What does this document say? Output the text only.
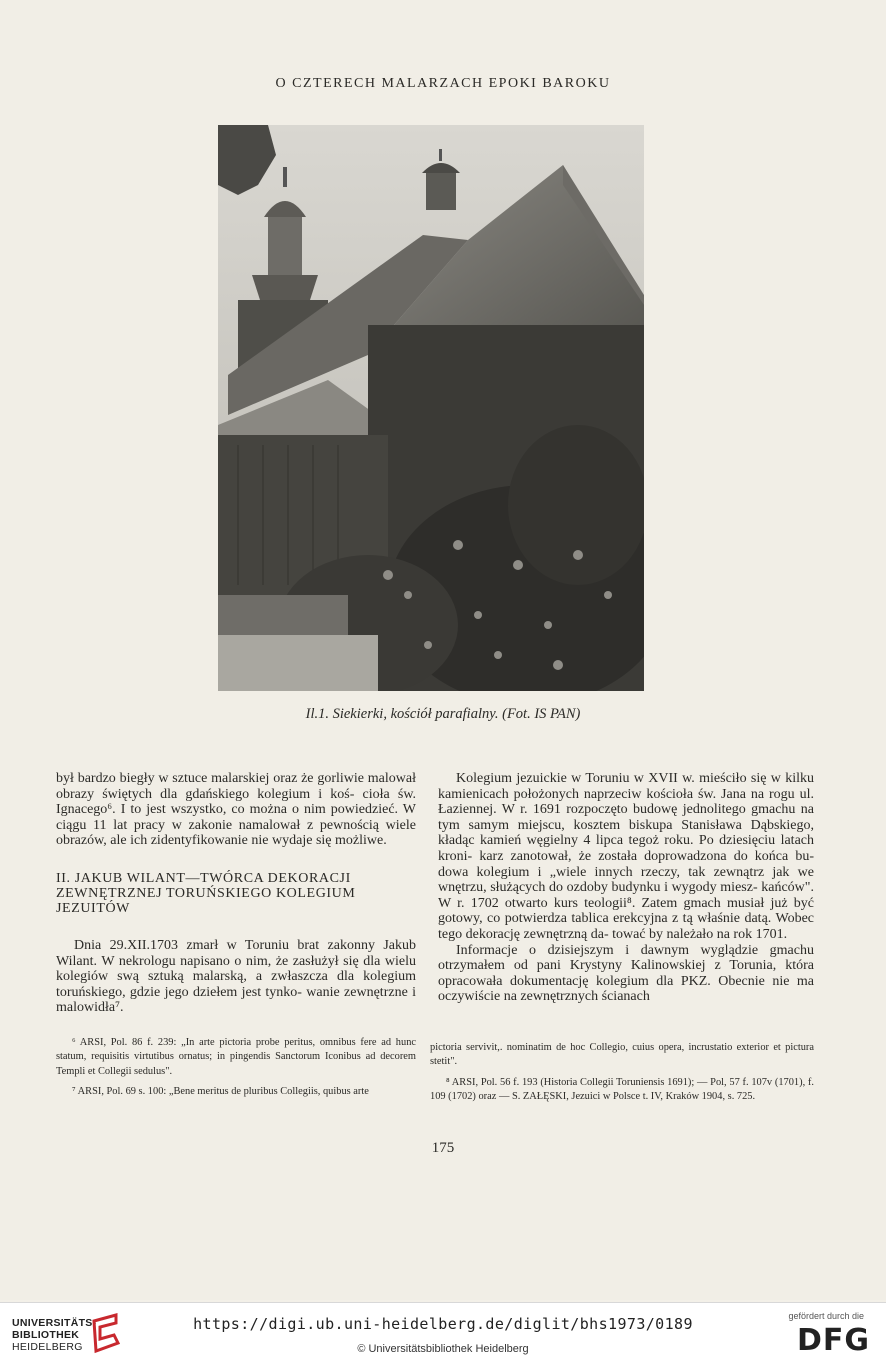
O CZTERECH MALARZACH EPOKI BAROKU
Il.1. Siekierki, kościół parafialny. (Fot. IS PAN)

był bardzo biegły w sztuce malarskiej oraz że gorliwie malował obrazy świętych dla gdańskiego kolegium i koś- cioła św. Ignacego⁶. I to jest wszystko, co można o nim powiedzieć. W ciągu 11 lat pracy w zakonie namalował z pewnością wiele obrazów, ale ich zidentyfikowanie nie wydaje się możliwe.

II. JAKUB WILANT—TWÓRCA DEKORACJI
ZEWNĘTRZNEJ TORUŃSKIEGO KOLEGIUM
JEZUITÓW

Dnia 29.XII.1703 zmarł w Toruniu brat zakonny Jakub Wilant. W nekrologu napisano o nim, że zasłużył się dla wielu kolegiów swą sztuką malarską, a zwłaszcza dla kolegium toruńskiego, gdzie jego dziełem jest tynko- wanie zewnętrzne i malowidła⁷.

Kolegium jezuickie w Toruniu w XVII w. mieściło się w kilku kamienicach położonych naprzeciw kościoła św. Jana na rogu ul. Łaziennej. W r. 1691 rozpoczęto budowę jednolitego gmachu na tym samym miejscu, kosztem biskupa Stanisława Dąbskiego, kładąc kamień węgielny 4 lipca tegoż roku. Po dziesięciu latach kroni- karz zanotował, że została doprowadzona do końca bu- dowa kolegium i „wiele innych rzeczy, tak zewnątrz jak we wnętrzu, służących do ozdoby budynku i wygody miesz- kańców". W r. 1702 otwarto kurs teologii⁸. Zatem gmach musiał już być gotowy, co potwierdza tablica erekcyjna z tą właśnie datą. Wobec tego dekorację zewnętrzną da- tować by należało na rok 1701.

Informacje o dzisiejszym i dawnym wyglądzie gmachu otrzymałem od pani Krystyny Kalinowskiej z Torunia, która opracowała dokumentację kolegium dla PKZ. Obecnie nie ma oczywiście na zewnętrznych ścianach

⁶ ARSI, Pol. 86 f. 239: „In arte pictoria probe peritus, omnibus fere ad hunc statum, requisitis virtutibus ornatus; in pingendis Sanctorum Iconibus ad decorem Templi et Collegii sedulus".

⁷ ARSI, Pol. 69 s. 100: „Bene meritus de pluribus Collegiis, quibus arte

pictoria servivit,. nominatim de hoc Collegio, cuius opera, incrustatio exterior et pictura stetit".

⁸ ARSI, Pol. 56 f. 193 (Historia Collegii Toruniensis 1691); — Pol, 57 f. 107v (1701), f. 109 (1702) oraz — S. ZAŁĘSKI, Jezuici w Polsce t. IV, Kraków 1904, s. 725.

175
UNIVERSITÄTS-
BIBLIOTHEK
HEIDELBERG
https://digi.ub.uni-heidelberg.de/diglit/bhs1973/0189
© Universitätsbibliothek Heidelberg
gefördert durch die
DFG
